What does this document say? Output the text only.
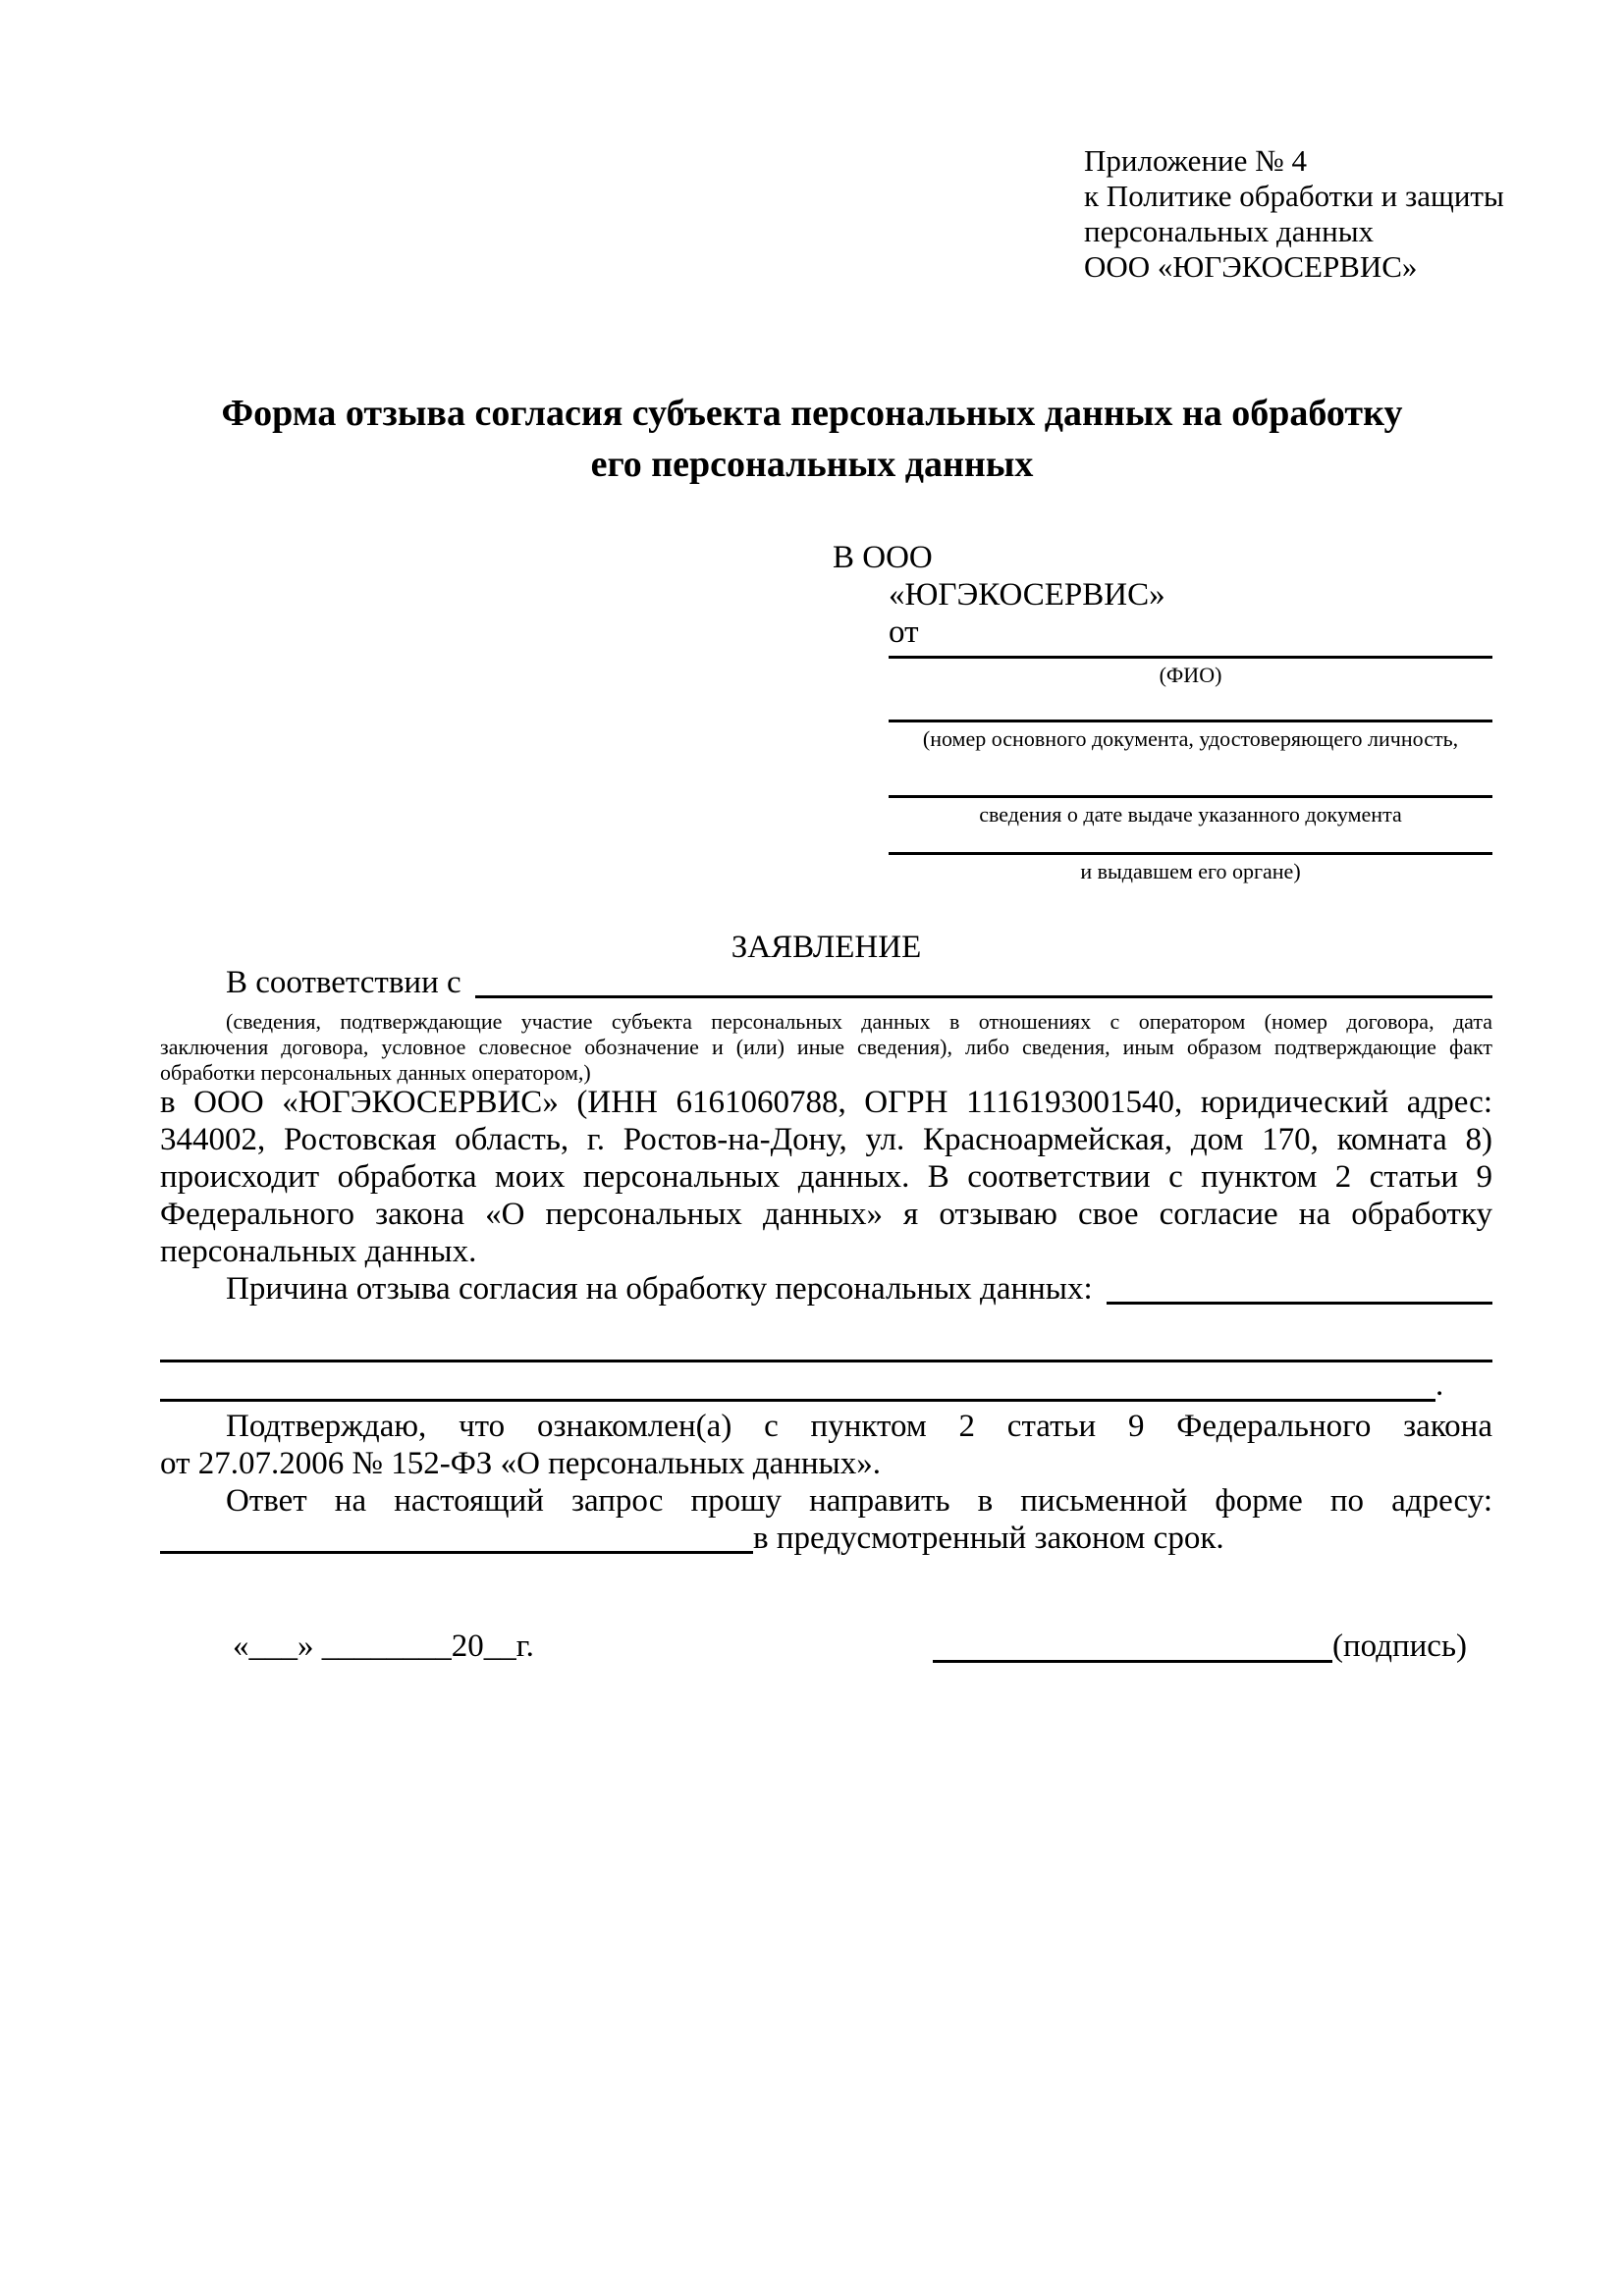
Приложение № 4
к Политике обработки и защиты
персональных данных
ООО «ЮГЭКОСЕРВИС»
Форма отзыва согласия субъекта персональных данных на обработку его персональных данных
В ООО
«ЮГЭКОСЕРВИС»
от
(ФИО)
(номер основного документа, удостоверяющего личность,
сведения о дате выдаче указанного документа
и выдавшем его органе)
ЗАЯВЛЕНИЕ
В соответствии с
(сведения, подтверждающие участие субъекта персональных данных в отношениях с оператором (номер договора, дата
заключения договора, условное словесное обозначение и (или) иные сведения), либо сведения, иным образом подтверждающие факт
обработки персональных данных оператором,)
в ООО «ЮГЭКОСЕРВИС» (ИНН 6161060788, ОГРН 1116193001540, юридический адрес:
344002, Ростовская область, г. Ростов-на-Дону, ул. Красноармейская, дом 170, комната 8)
происходит обработка моих персональных данных. В соответствии с пунктом 2 статьи 9
Федерального закона «О персональных данных» я отзываю свое согласие на обработку
персональных данных.
Причина отзыва согласия на обработку персональных данных:
.
Подтверждаю, что ознакомлен(а) с пунктом 2 статьи 9 Федерального закона
от 27.07.2006 № 152-ФЗ «О персональных данных».
Ответ на настоящий запрос прошу направить в письменной форме по адресу:
в предусмотренный законом срок.
«___» ________20__г.	(подпись)
